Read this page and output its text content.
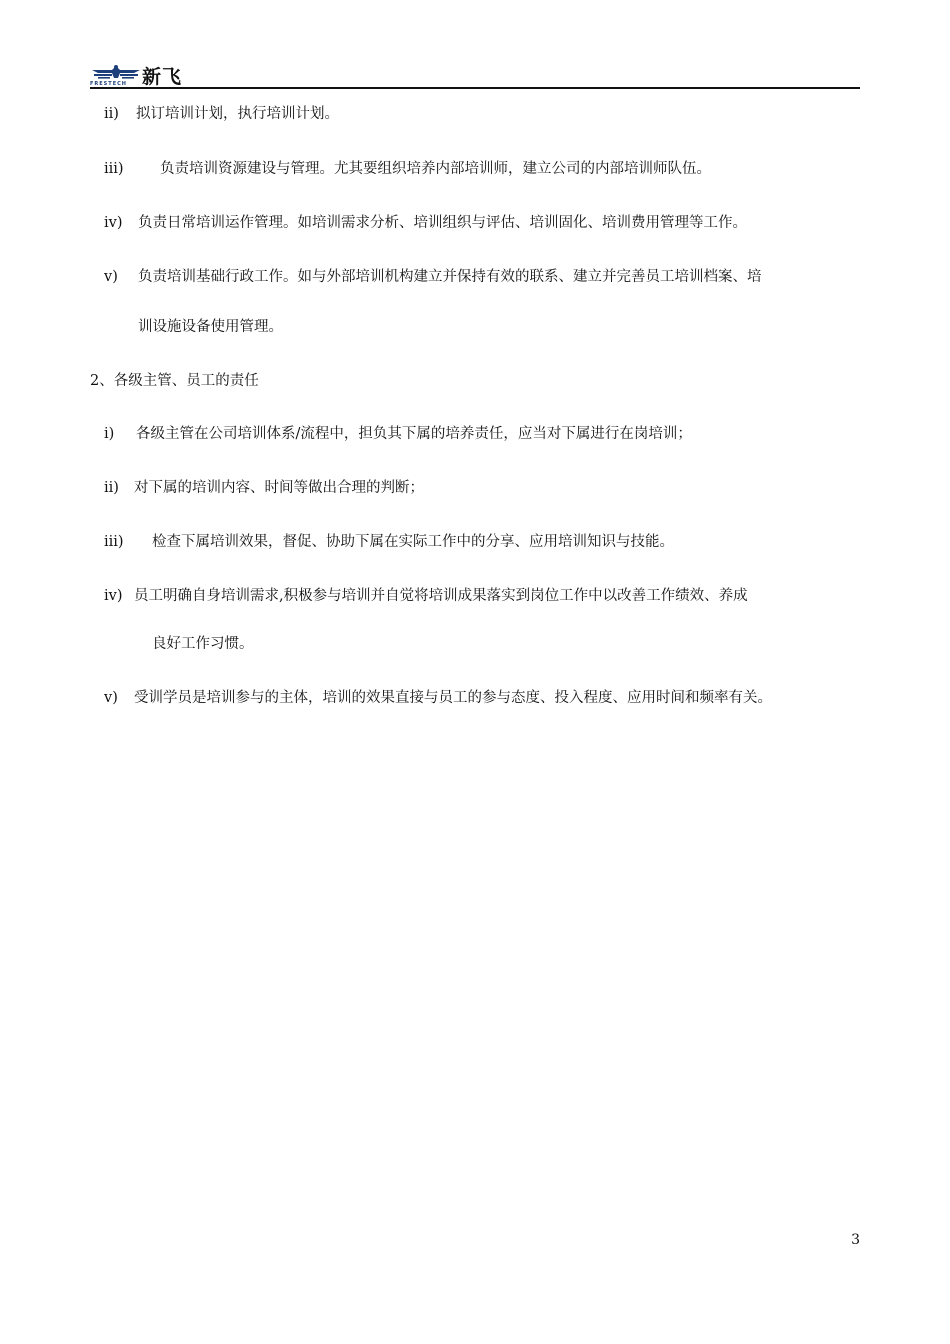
新飞
FRESTECH
ii) 拟订培训计划，执行培训计划。
iii)	负责培训资源建设与管理。尤其要组织培养内部培训师，建立公司的内部培训师队伍。
iv) 负责日常培训运作管理。如培训需求分析、培训组织与评估、培训固化、培训费用管理等工作。
v) 负责培训基础行政工作。如与外部培训机构建立并保持有效的联系、建立并完善员工培训档案、培
训设施设备使用管理。
2、各级主管、员工的责任
i) 各级主管在公司培训体系/流程中，担负其下属的培养责任，应当对下属进行在岗培训；
ii) 对下属的培训内容、时间等做出合理的判断；
iii) 检查下属培训效果，督促、协助下属在实际工作中的分享、应用培训知识与技能。
iv) 员工明确自身培训需求,积极参与培训并自觉将培训成果落实到岗位工作中以改善工作绩效、养成
良好工作习惯。
v) 受训学员是培训参与的主体，培训的效果直接与员工的参与态度、投入程度、应用时间和频率有关。
3
